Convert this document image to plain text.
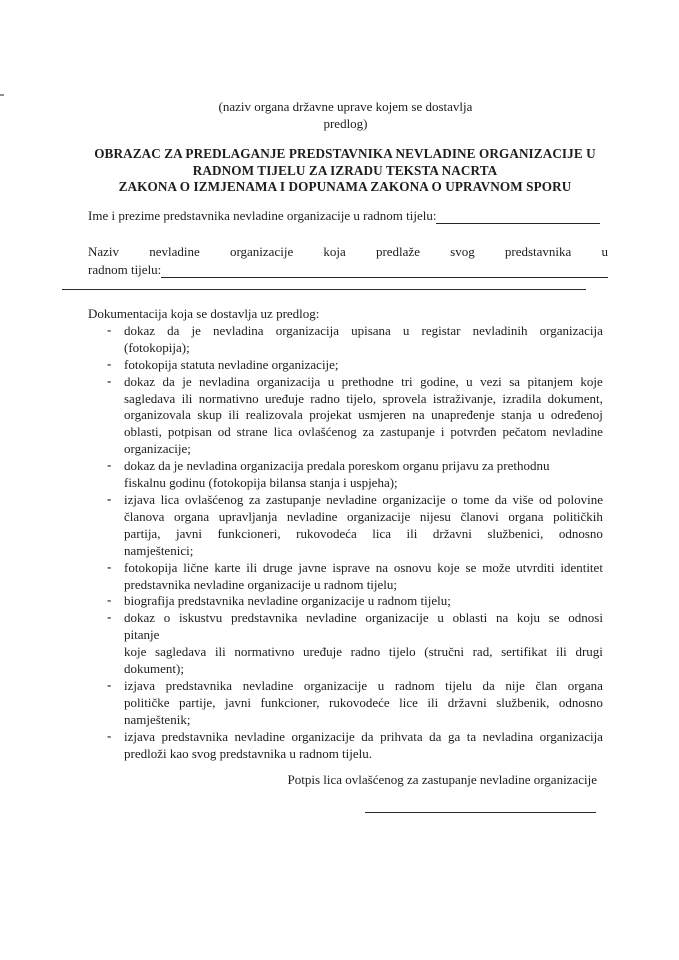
(naziv organa državne uprave kojem se dostavlja
predlog)
OBRAZAC ZA PREDLAGANJE PREDSTAVNIKA NEVLADINE ORGANIZACIJE U
RADNOM TIJELU ZA IZRADU TEKSTA NACRTA
ZAKONA O IZMJENAMA I DOPUNAMA ZAKONA O UPRAVNOM SPORU
Ime i prezime predstavnika nevladine organizacije u radnom tijelu:
Naziv nevladine organizacije koja predlaže svog predstavnika u
radnom tijelu:
Dokumentacija koja se dostavlja uz predlog:
- dokaz da je nevladina organizacija upisana u registar nevladinih organizacija
(fotokopija);
- fotokopija statuta nevladine organizacije;
- dokaz da je nevladina organizacija u prethodne tri godine, u vezi sa pitanjem koje
sagledava ili normativno uređuje radno tijelo, sprovela istraživanje, izradila dokument,
organizovala skup ili realizovala projekat usmjeren na unapređenje stanja u određenoj
oblasti, potpisan od strane lica ovlašćenog za zastupanje i potvrđen pečatom nevladine
organizacije;
- dokaz da je nevladina organizacija predala poreskom organu prijavu za prethodnu
fiskalnu godinu (fotokopija bilansa stanja i uspjeha);
- izjava lica ovlašćenog za zastupanje nevladine organizacije o tome da više od polovine
članova organa upravljanja nevladine organizacije nijesu članovi organa političkih
partija, javni funkcioneri, rukovodeća lica ili državni službenici, odnosno
namještenici;
- fotokopija lične karte ili druge javne isprave na osnovu koje se može utvrditi identitet
predstavnika nevladine organizacije u radnom tijelu;
- biografija predstavnika nevladine organizacije u radnom tijelu;
- dokaz o iskustvu predstavnika nevladine organizacije u oblasti na koju se odnosi
pitanje
koje sagledava ili normativno uređuje radno tijelo (stručni rad, sertifikat ili drugi
dokument);
- izjava predstavnika nevladine organizacije u radnom tijelu da nije član organa
političke partije, javni funkcioner, rukovodeće lice ili državni službenik, odnosno
namještenik;
- izjava predstavnika nevladine organizacije da prihvata da ga ta nevladina organizacija
predloži kao svog predstavnika u radnom tijelu.
Potpis lica ovlašćenog za zastupanje nevladine organizacije
